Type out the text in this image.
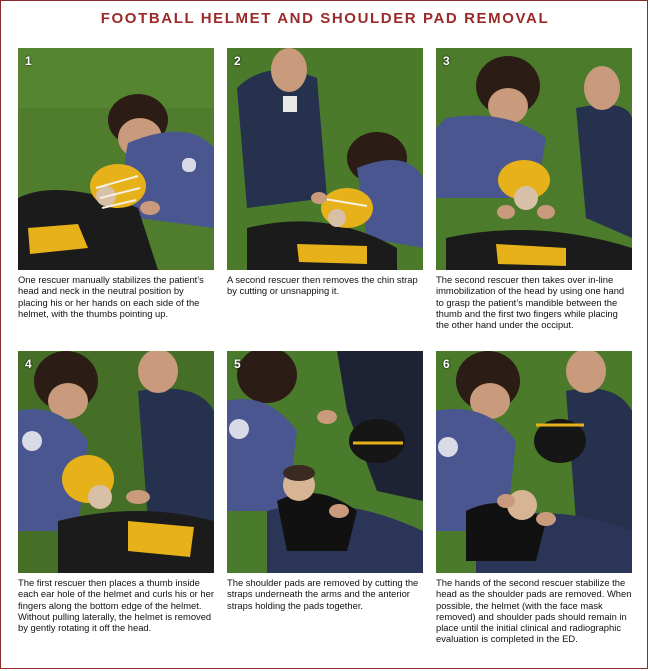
FOOTBALL HELMET AND SHOULDER PAD REMOVAL
1
One rescuer manually stabilizes the patient’s head and neck in the neutral position by placing his or her hands on each side of the helmet, with the thumbs pointing up.
2
A second rescuer then removes the chin strap by cutting or unsnapping it.
3
The second rescuer then takes over in-line immobilization of the head by using one hand to grasp the patient’s mandible between the thumb and the first two fingers while placing the other hand under the occiput.
4
The first rescuer then places a thumb inside each ear hole of the helmet and curls his or her fingers along the bottom edge of the helmet. Without pulling laterally, the helmet is removed by gently rotating it off the head.
5
The shoulder pads are removed by cutting the straps underneath the arms and the anterior straps holding the pads together.
6
The hands of the second rescuer stabilize the head as the shoulder pads are removed. When possible, the helmet (with the face mask removed) and shoulder pads should remain in place until the initial clinical and radiographic evaluation is completed in the ED.
